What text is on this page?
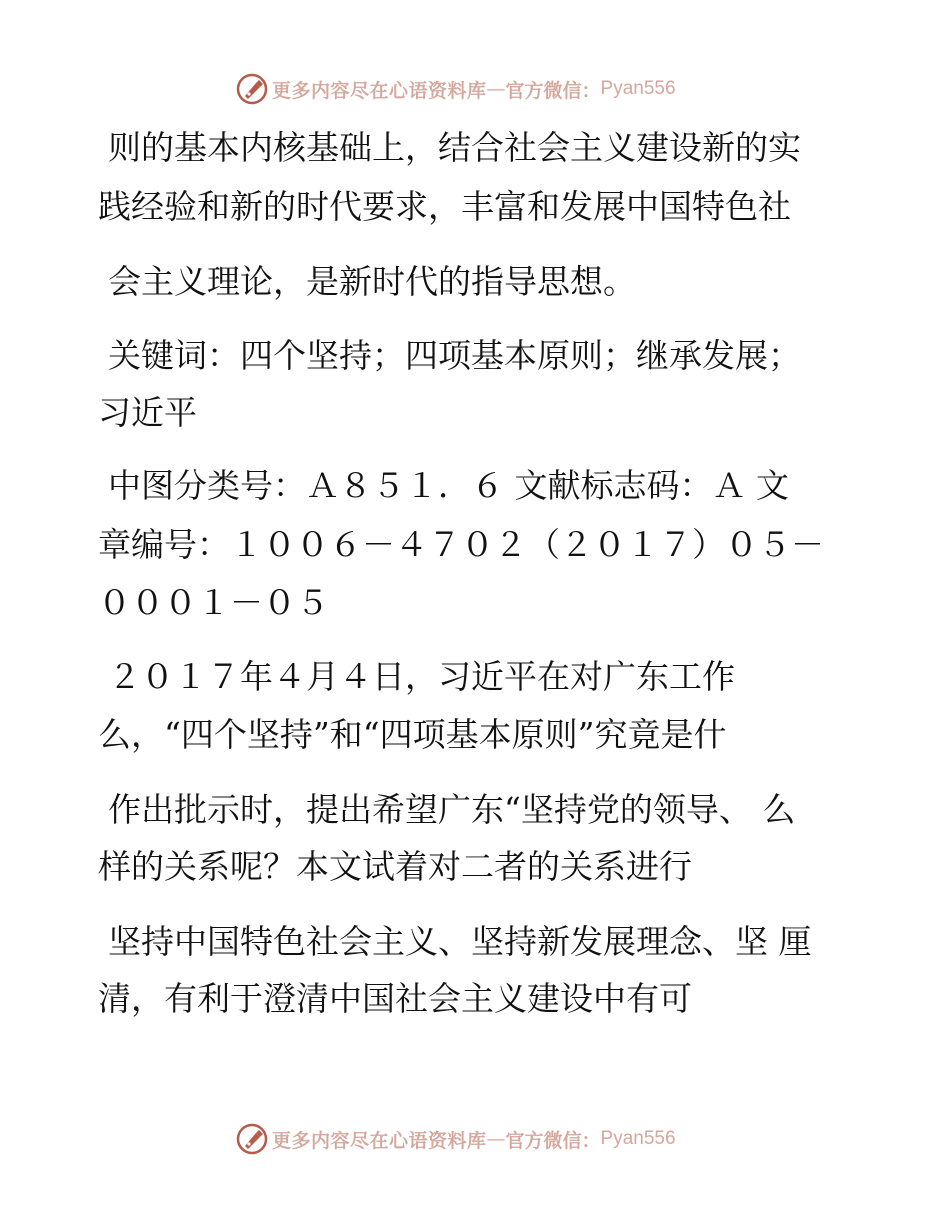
更多内容尽在心语资料库 — 官方微信： Pyan556

则的基本内核基础上，结合社会主义建设新的实

践经验和新的时代要求，丰富和发展中国特色社

会主义理论，是新时代的指导思想。

关键词：四个坚持；四项基本原则；继承发展；

习近平

中图分类号：Ａ８５１．６ 文献标志码：Ａ 文

章编号：１００６－４７０２（２０１７）０５－

０００１－０５

２０１７年４月４日，习近平在对广东工作

么，“四个坚持”和“四项基本原则”究竟是什

作出批示时，提出希望广东“坚持党的领导、 么

样的关系呢？本文试着对二者的关系进行

坚持中国特色社会主义、坚持新发展理念、坚 厘

清，有利于澄清中国社会主义建设中有可

更多内容尽在心语资料库 — 官方微信： Pyan556
